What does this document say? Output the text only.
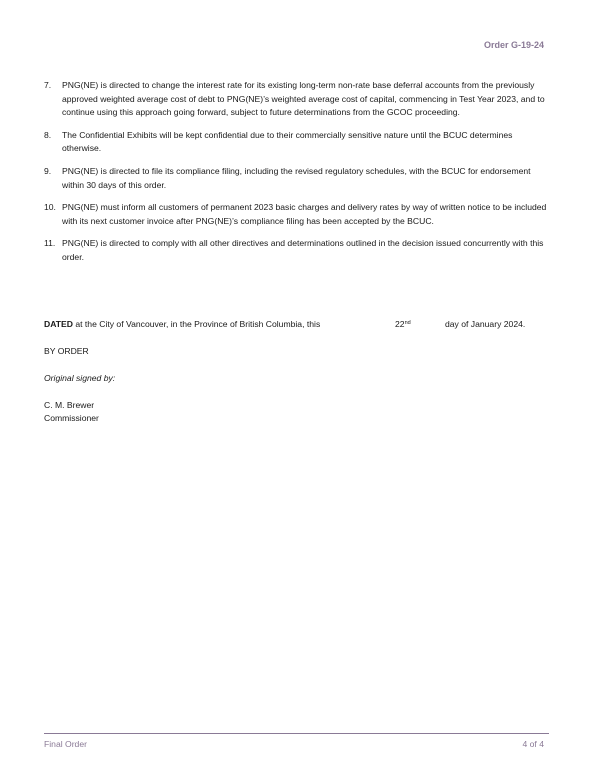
Order G-19-24
7.	PNG(NE) is directed to change the interest rate for its existing long-term non-rate base deferral accounts from the previously approved weighted average cost of debt to PNG(NE)’s weighted average cost of capital, commencing in Test Year 2023, and to continue using this approach going forward, subject to future determinations from the GCOC proceeding.
8.	The Confidential Exhibits will be kept confidential due to their commercially sensitive nature until the BCUC determines otherwise.
9.	PNG(NE) is directed to file its compliance filing, including the revised regulatory schedules, with the BCUC for endorsement within 30 days of this order.
10. PNG(NE) must inform all customers of permanent 2023 basic charges and delivery rates by way of written notice to be included with its next customer invoice after PNG(NE)’s compliance filing has been accepted by the BCUC.
11. PNG(NE) is directed to comply with all other directives and determinations outlined in the decision issued concurrently with this order.
DATED at the City of Vancouver, in the Province of British Columbia, this	22nd	day of January 2024.
BY ORDER
Original signed by:
C. M. Brewer
Commissioner
Final Order	4 of 4
